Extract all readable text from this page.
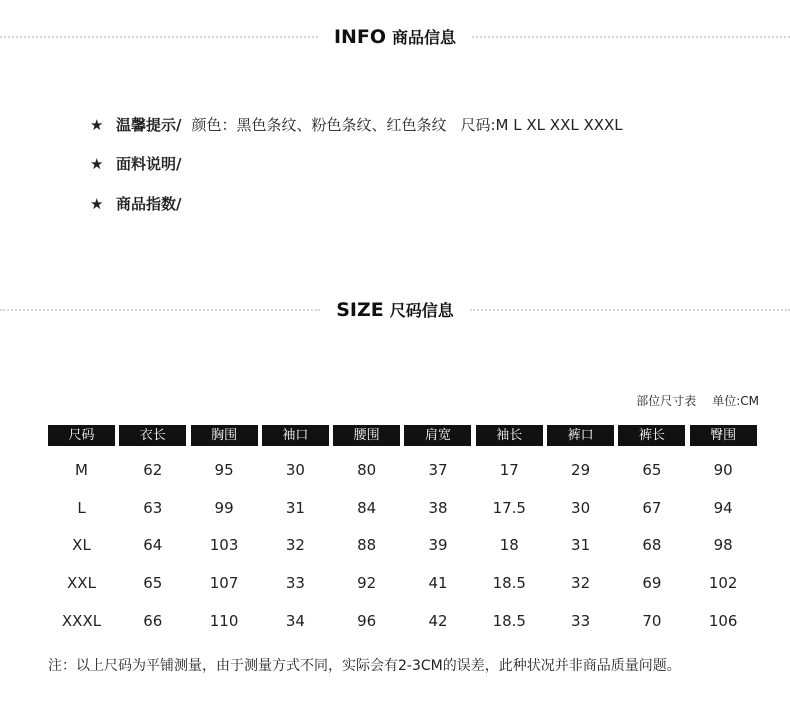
INFO 商品信息
★ 温馨提示/ 颜色：黑色条纹、粉色条纹、红色条纹 尺码:M L XL XXL XXXL
★ 面料说明/
★ 商品指数/
SIZE 尺码信息
部位尺寸表 单位:CM
尺码	衣长	胸围	袖口	腰围	肩宽	袖长	裤口	裤长	臀围
M	62	95	30	80	37	17	29	65	90
L	63	99	31	84	38	17.5	30	67	94
XL	64	103	32	88	39	18	31	68	98
XXL	65	107	33	92	41	18.5	32	69	102
XXXL	66	110	34	96	42	18.5	33	70	106
注：以上尺码为平铺测量，由于测量方式不同，实际会有2-3CM的误差，此种状况并非商品质量问题。
